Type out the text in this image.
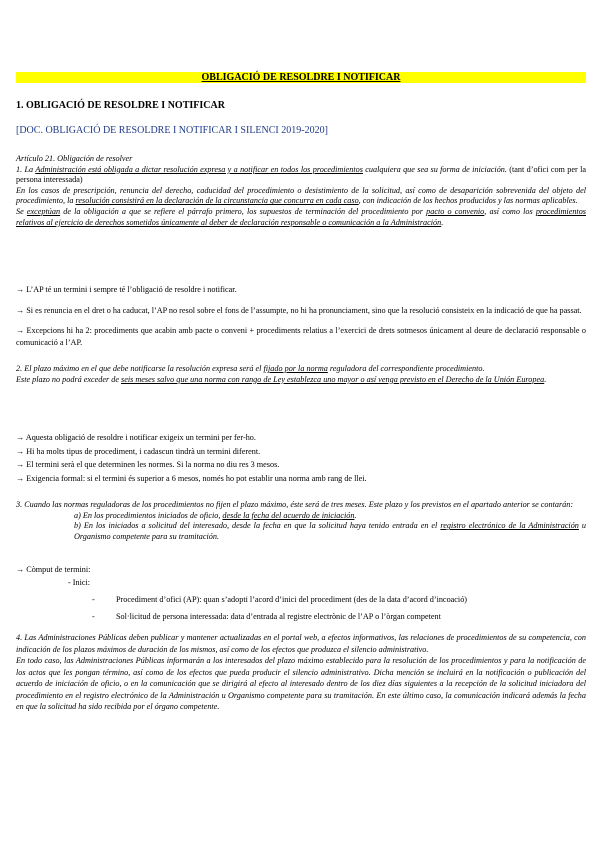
OBLIGACIÓ DE RESOLDRE I NOTIFICAR
1. OBLIGACIÓ DE RESOLDRE I NOTIFICAR
[DOC. OBLIGACIÓ DE RESOLDRE I NOTIFICAR I SILENCI 2019-2020]

Artículo 21. Obligación de resolver

1. La Administración está obligada a dictar resolución expresa y a notificar en todos los procedimientos cualquiera que sea su forma de iniciación. (tant d’ofici com per la persona interessada)

En los casos de prescripción, renuncia del derecho, caducidad del procedimiento o desistimiento de la solicitud, así como de desaparición sobrevenida del objeto del procedimiento, la resolución consistirá en la declaración de la circunstancia que concurra en cada caso, con indicación de los hechos producidos y las normas aplicables.

Se exceptúan de la obligación a que se refiere el párrafo primero, los supuestos de terminación del procedimiento por pacto o convenio, así como los procedimientos relativos al ejercicio de derechos sometidos únicamente al deber de declaración responsable o comunicación a la Administración.

→ L’AP té un termini i sempre té l’obligació de resoldre i notificar.

→ Si es renuncia en el dret o ha caducat, l’AP no resol sobre el fons de l’assumpte, no hi ha pronunciament, sino que la resolució consisteix en la indicació de que ha passat.

→ Excepcions hi ha 2: procediments que acabin amb pacte o conveni + procediments relatius a l’exercici de drets sotmesos únicament al deure de declaració responsable o comunicació a l’AP.

2. El plazo máximo en el que debe notificarse la resolución expresa será el fijado por la norma reguladora del correspondiente procedimiento.

Este plazo no podrá exceder de seis meses salvo que una norma con rango de Ley establezca uno mayor o así venga previsto en el Derecho de la Unión Europea.

→ Aquesta obligació de resoldre i notificar exigeix un termini per fer-ho.

→ Hi ha molts tipus de procediment, i cadascun tindrà un termini diferent.

→ El termini serà el que determinen les normes. Si la norma no diu res 3 mesos.

→ Exigencia formal: si el termini és superior a 6 mesos, només ho pot establir una norma amb rang de llei.

3. Cuando las normas reguladoras de los procedimientos no fijen el plazo máximo, éste será de tres meses. Este plazo y los previstos en el apartado anterior se contarán:

a) En los procedimientos iniciados de oficio, desde la fecha del acuerdo de iniciación.

b) En los iniciados a solicitud del interesado, desde la fecha en que la solicitud haya tenido entrada en el registro electrónico de la Administración u Organismo competente para su tramitación.

→ Còmput de termini:

- Inici:

-	Procediment d’ofici (AP): quan s’adopti l’acord d’inici del procediment (des de la data d’acord d’incoació)

-	Sol·licitud de persona interessada: data d’entrada al registre electrònic de l’AP o l’òrgan competent

4. Las Administraciones Públicas deben publicar y mantener actualizadas en el portal web, a efectos informativos, las relaciones de procedimientos de su competencia, con indicación de los plazos máximos de duración de los mismos, así como de los efectos que produzca el silencio administrativo.

En todo caso, las Administraciones Públicas informarán a los interesados del plazo máximo establecido para la resolución de los procedimientos y para la notificación de los actos que les pongan término, así como de los efectos que pueda producir el silencio administrativo. Dicha mención se incluirá en la notificación o publicación del acuerdo de iniciación de oficio, o en la comunicación que se dirigirá al efecto al interesado dentro de los diez días siguientes a la recepción de la solicitud iniciadora del procedimiento en el registro electrónico de la Administración u Organismo competente para su tramitación. En este último caso, la comunicación indicará además la fecha en que la solicitud ha sido recibida por el órgano competente.
